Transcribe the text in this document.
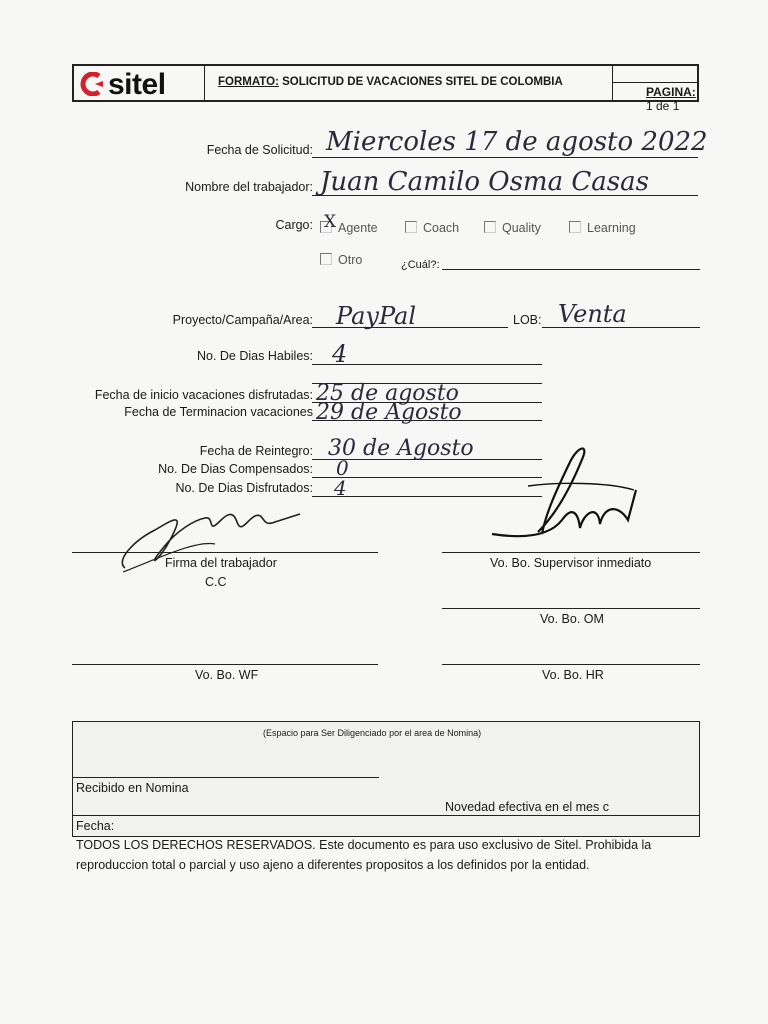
sitel	FORMATO: SOLICITUD DE VACACIONES SITEL DE COLOMBIA
PAGINA: 1 de 1
Fecha de Solicitud: Miercoles 17 de agosto 2022
Nombre del trabajador: Juan Camilo Osma Casas
Cargo:	Agente
X	Coach	Quality	Learning
Otro	¿Cuál?:
Proyecto/Campaña/Area: PayPal	LOB: Venta
No. De Dias Habiles: 4
Fecha de inicio vacaciones disfrutadas: 25 de agosto
Fecha de Terminacion vacaciones 29 de Agosto
Fecha de Reintegro: 30 de Agosto
No. De Dias Compensados: 0
No. De Dias Disfrutados: 4
Firma del trabajador
C.C
Vo. Bo. Supervisor inmediato
Vo. Bo. OM
Vo. Bo. WF	Vo. Bo. HR
(Espacio para Ser Diligenciado por el area de Nomina)
Recibido en Nomina
Novedad efectiva en el mes c
Fecha:
TODOS LOS DERECHOS RESERVADOS. Este documento es para uso exclusivo de Sitel. Prohibida la
reproduccion total o parcial y uso ajeno a diferentes propositos a los definidos por la entidad.
